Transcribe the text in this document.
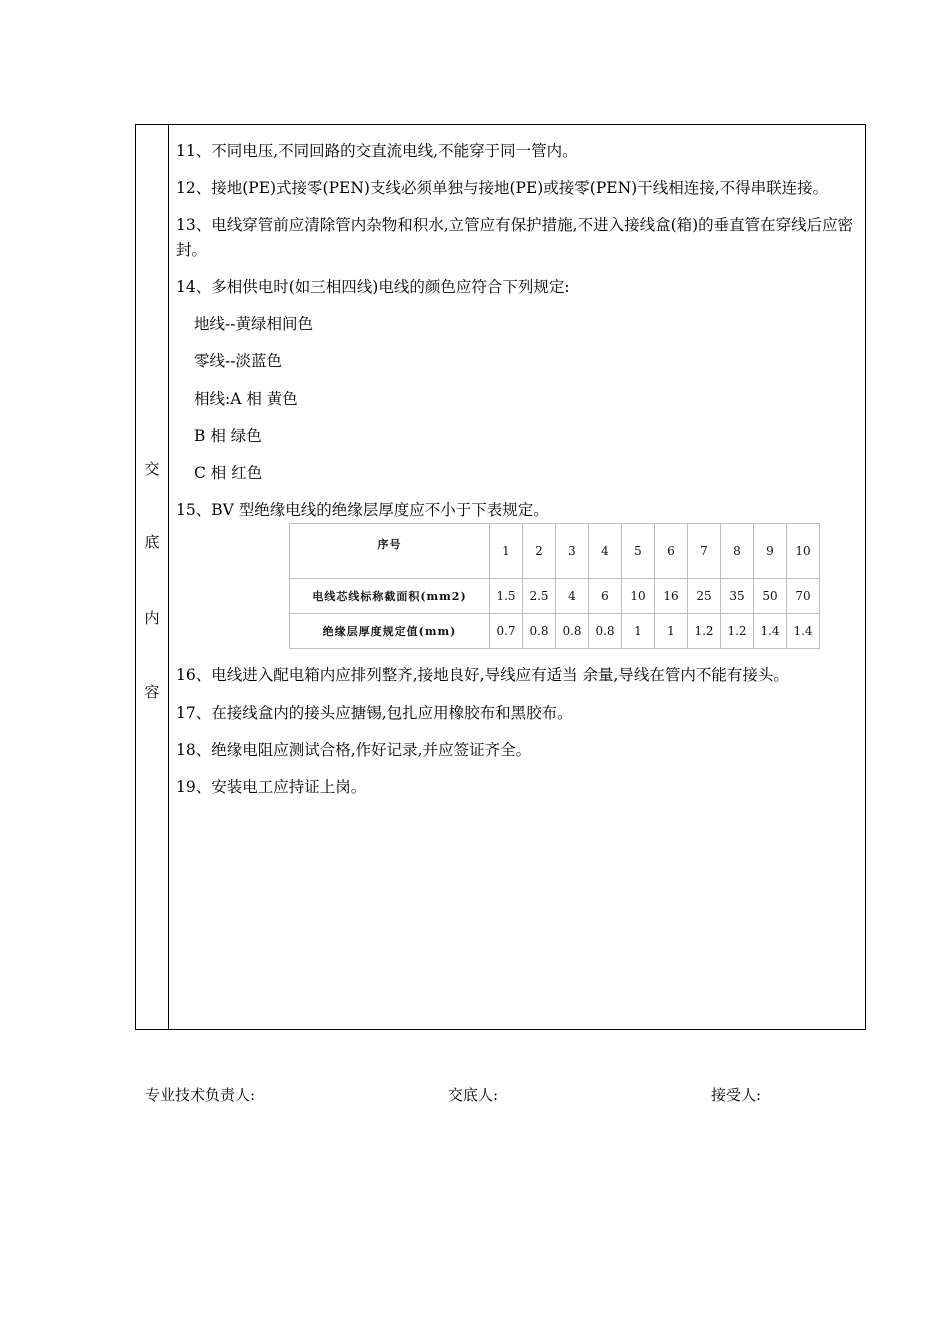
交
底
内
容
11、不同电压,不同回路的交直流电线,不能穿于同一管内。
12、接地(PE)式接零(PEN)支线必须单独与接地(PE)或接零(PEN)干线相连接,不得串联连接。
13、电线穿管前应清除管内杂物和积水,立管应有保护措施,不进入接线盒(箱)的垂直管在穿线后应密封。
14、多相供电时(如三相四线)电线的颜色应符合下列规定:
地线--黄绿相间色
零线--淡蓝色
相线:A 相 黄色
B 相 绿色
C 相 红色
15、BV 型绝缘电线的绝缘层厚度应不小于下表规定。
序号	1	2	3	4	5	6	7	8	9	10
电线芯线标称截面积(mm2)	1.5	2.5	4	6	10	16	25	35	50	70
绝缘层厚度规定值(mm)	0.7	0.8	0.8	0.8	1	1	1.2	1.2	1.4	1.4
16、电线进入配电箱内应排列整齐,接地良好,导线应有适当 余量,导线在管内不能有接头。
17、在接线盒内的接头应搪锡,包扎应用橡胶布和黑胶布。
18、绝缘电阻应测试合格,作好记录,并应签证齐全。
19、安装电工应持证上岗。
专业技术负责人:	交底人:	接受人:
